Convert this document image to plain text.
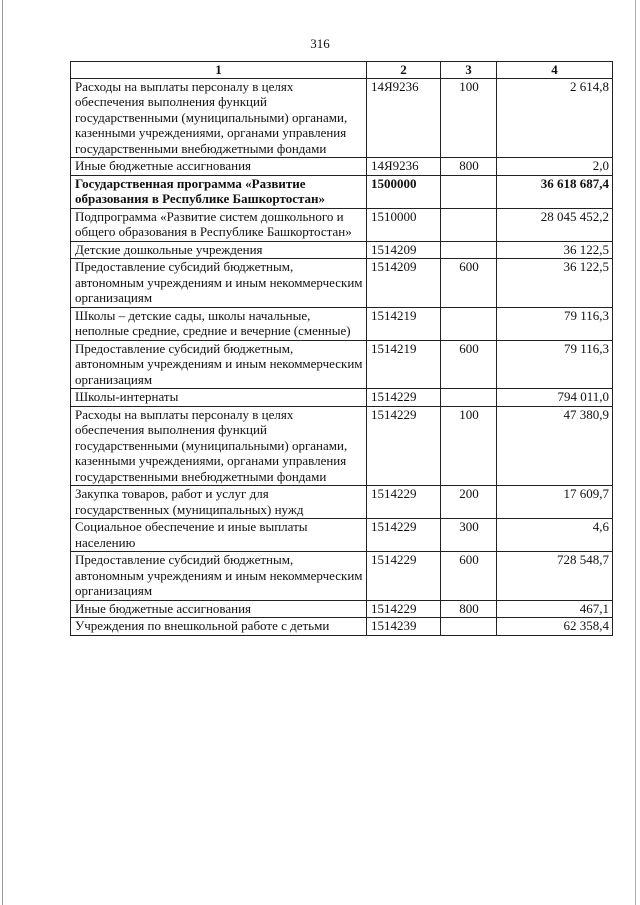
316
1	2	3	4
Расходы на выплаты персоналу в целях обеспечения выполнения функций государственными (муниципальными) органами, казенными учреждениями, органами управления государственными внебюджетными фондами	14Я9236	100	2 614,8
Иные бюджетные ассигнования	14Я9236	800	2,0
Государственная программа «Развитие образования в Республике Башкортостан»	1500000		36 618 687,4
Подпрограмма «Развитие систем дошкольного и общего образования в Республике Башкортостан»	1510000		28 045 452,2
Детские дошкольные учреждения	1514209		36 122,5
Предоставление субсидий бюджетным, автономным учреждениям и иным некоммерческим организациям	1514209	600	36 122,5
Школы – детские сады, школы начальные, неполные средние, средние и вечерние (сменные)	1514219		79 116,3
Предоставление субсидий бюджетным, автономным учреждениям и иным некоммерческим организациям	1514219	600	79 116,3
Школы-интернаты	1514229		794 011,0
Расходы на выплаты персоналу в целях обеспечения выполнения функций государственными (муниципальными) органами, казенными учреждениями, органами управления государственными внебюджетными фондами	1514229	100	47 380,9
Закупка товаров, работ и услуг для государственных (муниципальных) нужд	1514229	200	17 609,7
Социальное обеспечение и иные выплаты населению	1514229	300	4,6
Предоставление субсидий бюджетным, автономным учреждениям и иным некоммерческим организациям	1514229	600	728 548,7
Иные бюджетные ассигнования	1514229	800	467,1
Учреждения по внешкольной работе с детьми	1514239		62 358,4
